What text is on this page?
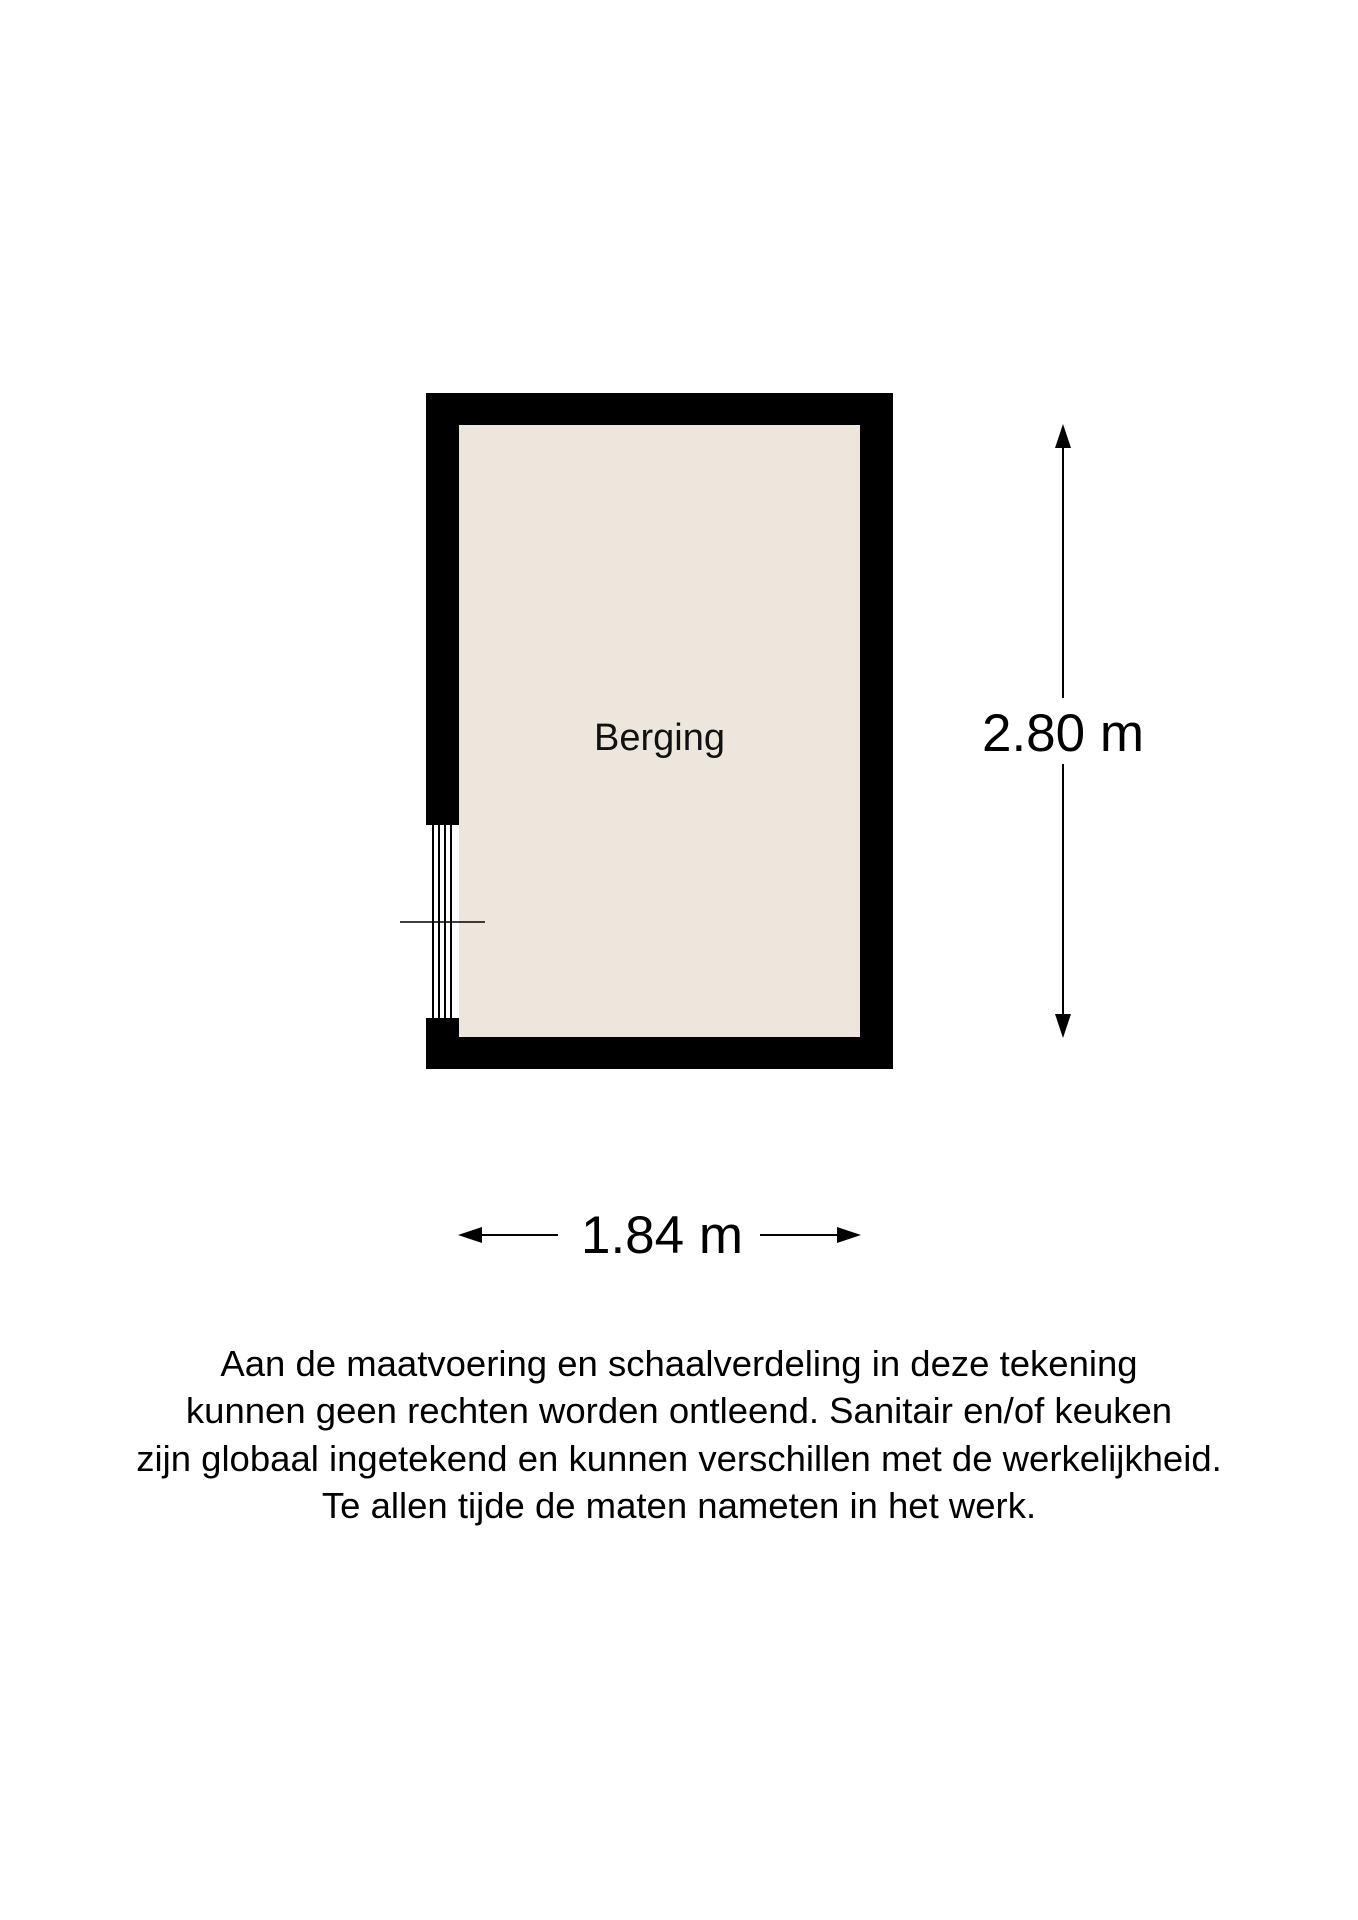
Berging	2.80 m
1.84 m
Aan de maatvoering en schaalverdeling in deze tekening
kunnen geen rechten worden ontleend. Sanitair en/of keuken
zijn globaal ingetekend en kunnen verschillen met de werkelijkheid.
Te allen tijde de maten nameten in het werk.
